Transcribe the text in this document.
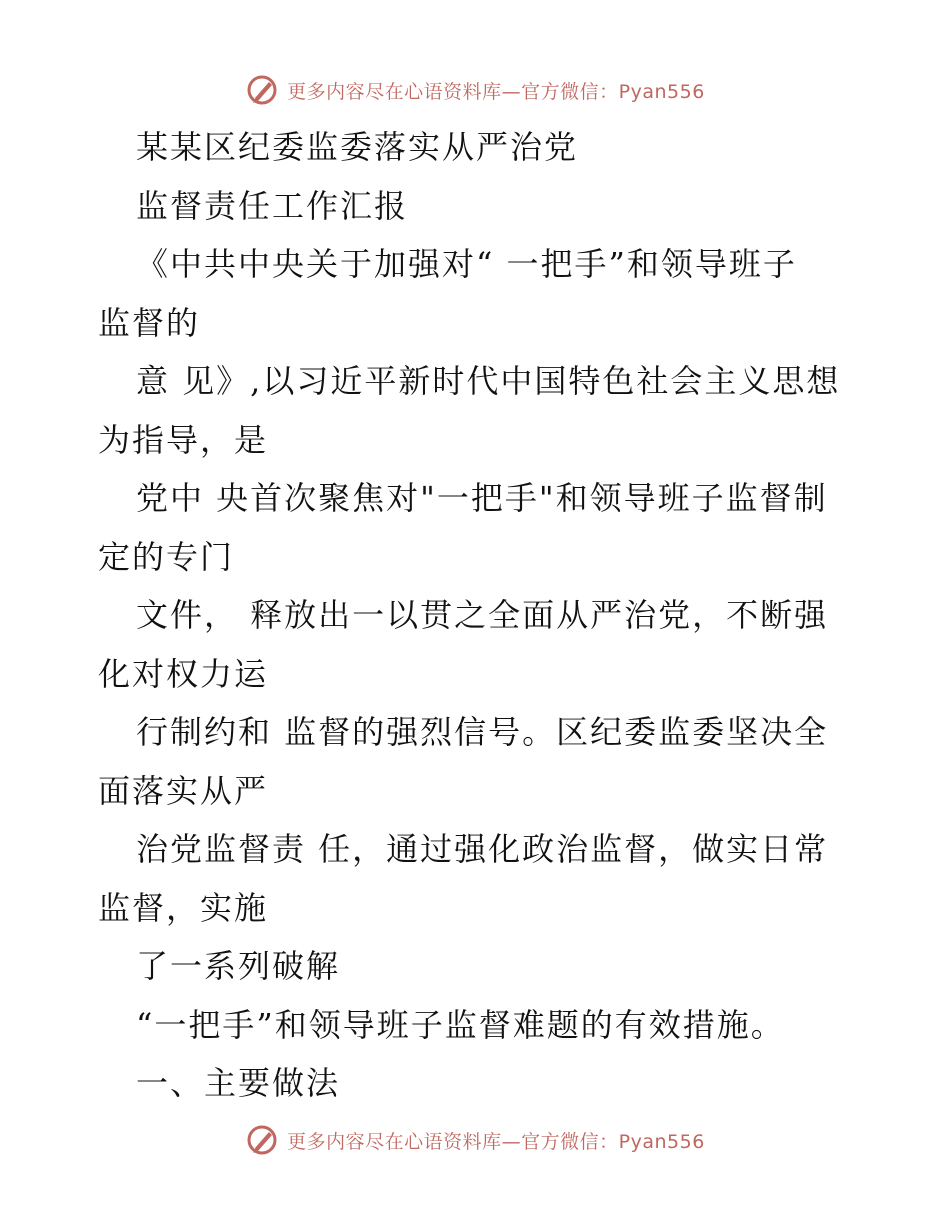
更多内容尽在心语资料库—官方微信：Pyan556
某某区纪委监委落实从严治党
监督责任工作汇报
《中共中央关于加强对“ 一把手”和领导班子
监督的
意 见》,以习近平新时代中国特色社会主义思想
为指导，是
党中 央首次聚焦对"一把手"和领导班子监督制
定的专门
文件， 释放出一以贯之全面从严治党，不断强
化对权力运
行制约和 监督的强烈信号。区纪委监委坚决全
面落实从严
治党监督责 任，通过强化政治监督，做实日常
监督，实施
了一系列破解
“一把手”和领导班子监督难题的有效措施。
一、主要做法
更多内容尽在心语资料库—官方微信：Pyan556
